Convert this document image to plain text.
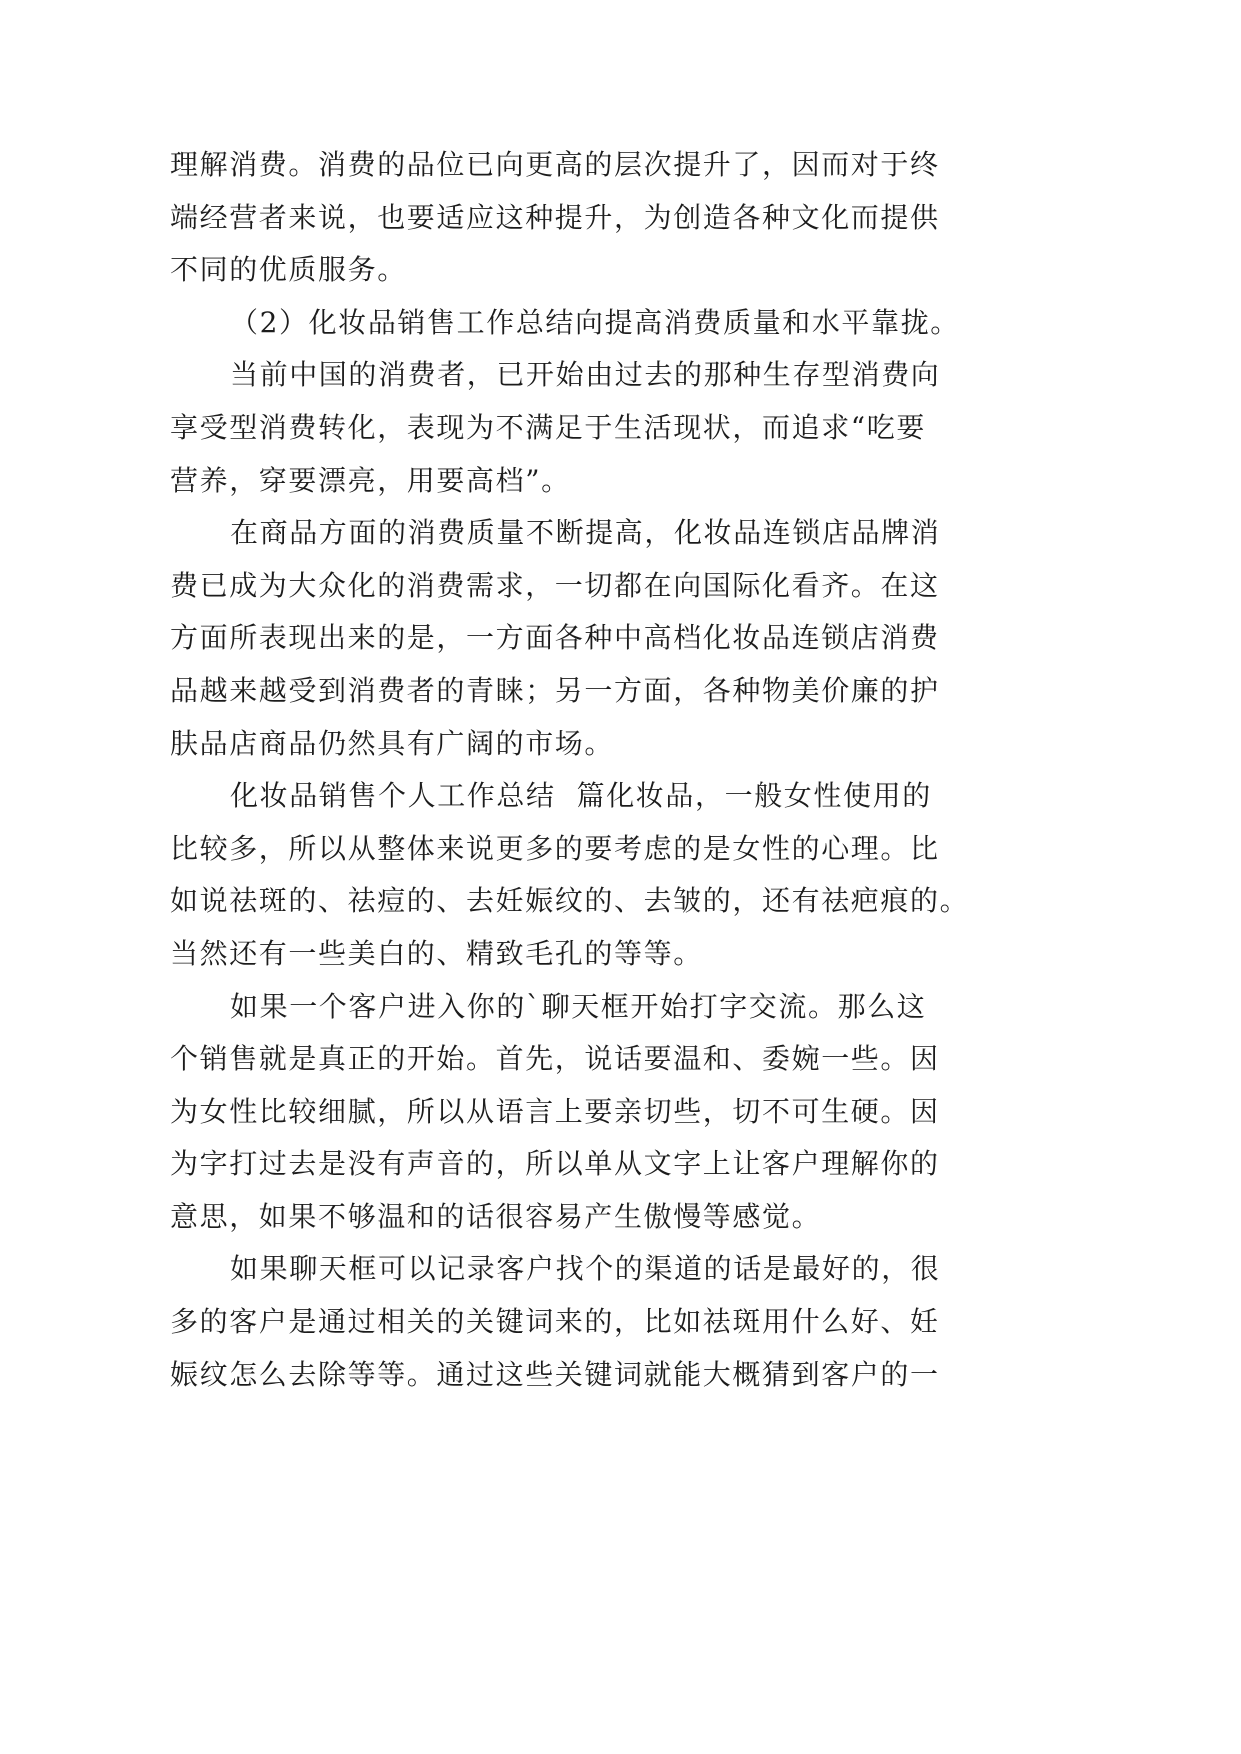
理解消费。消费的品位已向更高的层次提升了，因而对于终
端经营者来说，也要适应这种提升，为创造各种文化而提供
不同的优质服务。
（2）化妆品销售工作总结向提高消费质量和水平靠拢。
当前中国的消费者，已开始由过去的那种生存型消费向
享受型消费转化，表现为不满足于生活现状，而追求“吃要
营养，穿要漂亮，用要高档”。
在商品方面的消费质量不断提高，化妆品连锁店品牌消
费已成为大众化的消费需求，一切都在向国际化看齐。在这
方面所表现出来的是，一方面各种中高档化妆品连锁店消费
品越来越受到消费者的青睐；另一方面，各种物美价廉的护
肤品店商品仍然具有广阔的市场。
化妆品销售个人工作总结  篇化妆品，一般女性使用的
比较多，所以从整体来说更多的要考虑的是女性的心理。比
如说祛斑的、祛痘的、去妊娠纹的、去皱的，还有祛疤痕的。
当然还有一些美白的、精致毛孔的等等。
如果一个客户进入你的`聊天框开始打字交流。那么这
个销售就是真正的开始。首先，说话要温和、委婉一些。因
为女性比较细腻，所以从语言上要亲切些，切不可生硬。因
为字打过去是没有声音的，所以单从文字上让客户理解你的
意思，如果不够温和的话很容易产生傲慢等感觉。
如果聊天框可以记录客户找个的渠道的话是最好的，很
多的客户是通过相关的关键词来的，比如祛斑用什么好、妊
娠纹怎么去除等等。通过这些关键词就能大概猜到客户的一
